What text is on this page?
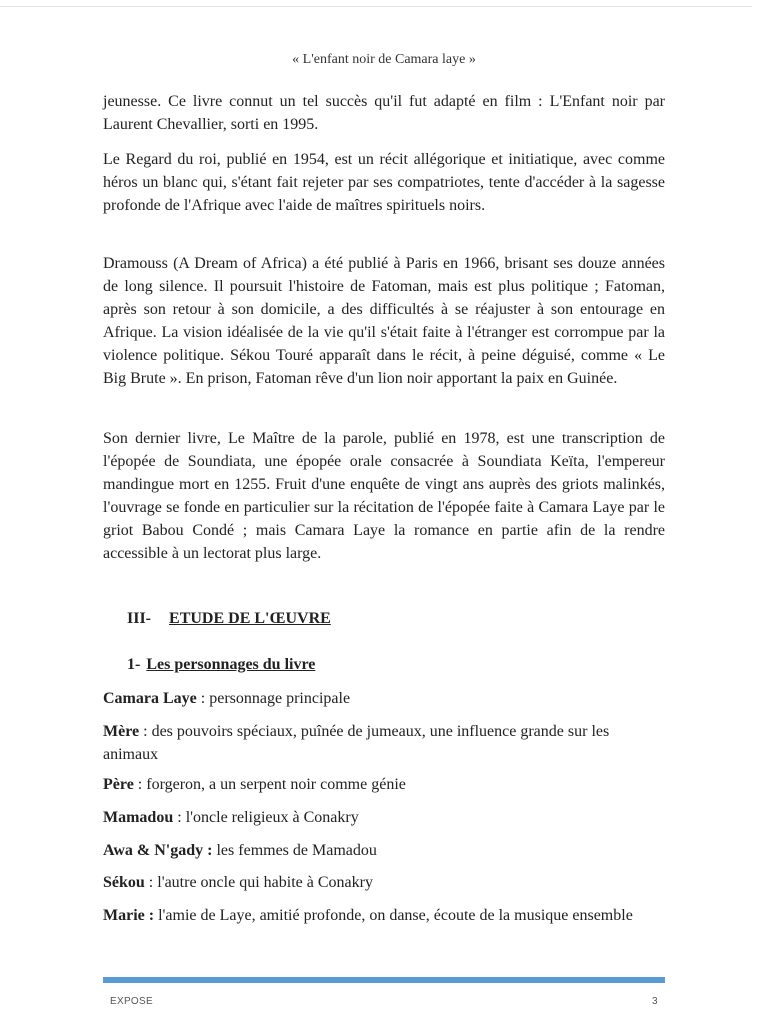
« L'enfant noir de Camara laye »

jeunesse. Ce livre connut un tel succès qu'il fut adapté en film : L'Enfant noir par Laurent Chevallier, sorti en 1995.

Le Regard du roi, publié en 1954, est un récit allégorique et initiatique, avec comme héros un blanc qui, s'étant fait rejeter par ses compatriotes, tente d'accéder à la sagesse profonde de l'Afrique avec l'aide de maîtres spirituels noirs.

Dramouss (A Dream of Africa) a été publié à Paris en 1966, brisant ses douze années de long silence. Il poursuit l'histoire de Fatoman, mais est plus politique ; Fatoman, après son retour à son domicile, a des difficultés à se réajuster à son entourage en Afrique. La vision idéalisée de la vie qu'il s'était faite à l'étranger est corrompue par la violence politique. Sékou Touré apparaît dans le récit, à peine déguisé, comme « Le Big Brute ». En prison, Fatoman rêve d'un lion noir apportant la paix en Guinée.

Son dernier livre, Le Maître de la parole, publié en 1978, est une transcription de l'épopée de Soundiata, une épopée orale consacrée à Soundiata Keïta, l'empereur mandingue mort en 1255. Fruit d'une enquête de vingt ans auprès des griots malinkés, l'ouvrage se fonde en particulier sur la récitation de l'épopée faite à Camara Laye par le griot Babou Condé ; mais Camara Laye la romance en partie afin de la rendre accessible à un lectorat plus large.

III- ETUDE DE L'ŒUVRE
1- Les personnages du livre

Camara Laye : personnage principale

Mère : des pouvoirs spéciaux, puînée de jumeaux, une influence grande sur les animaux

Père : forgeron, a un serpent noir comme génie

Mamadou : l'oncle religieux à Conakry

Awa & N'gady : les femmes de Mamadou

Sékou : l'autre oncle qui habite à Conakry

Marie : l'amie de Laye, amitié profonde, on danse, écoute de la musique ensemble

EXPOSE	3
